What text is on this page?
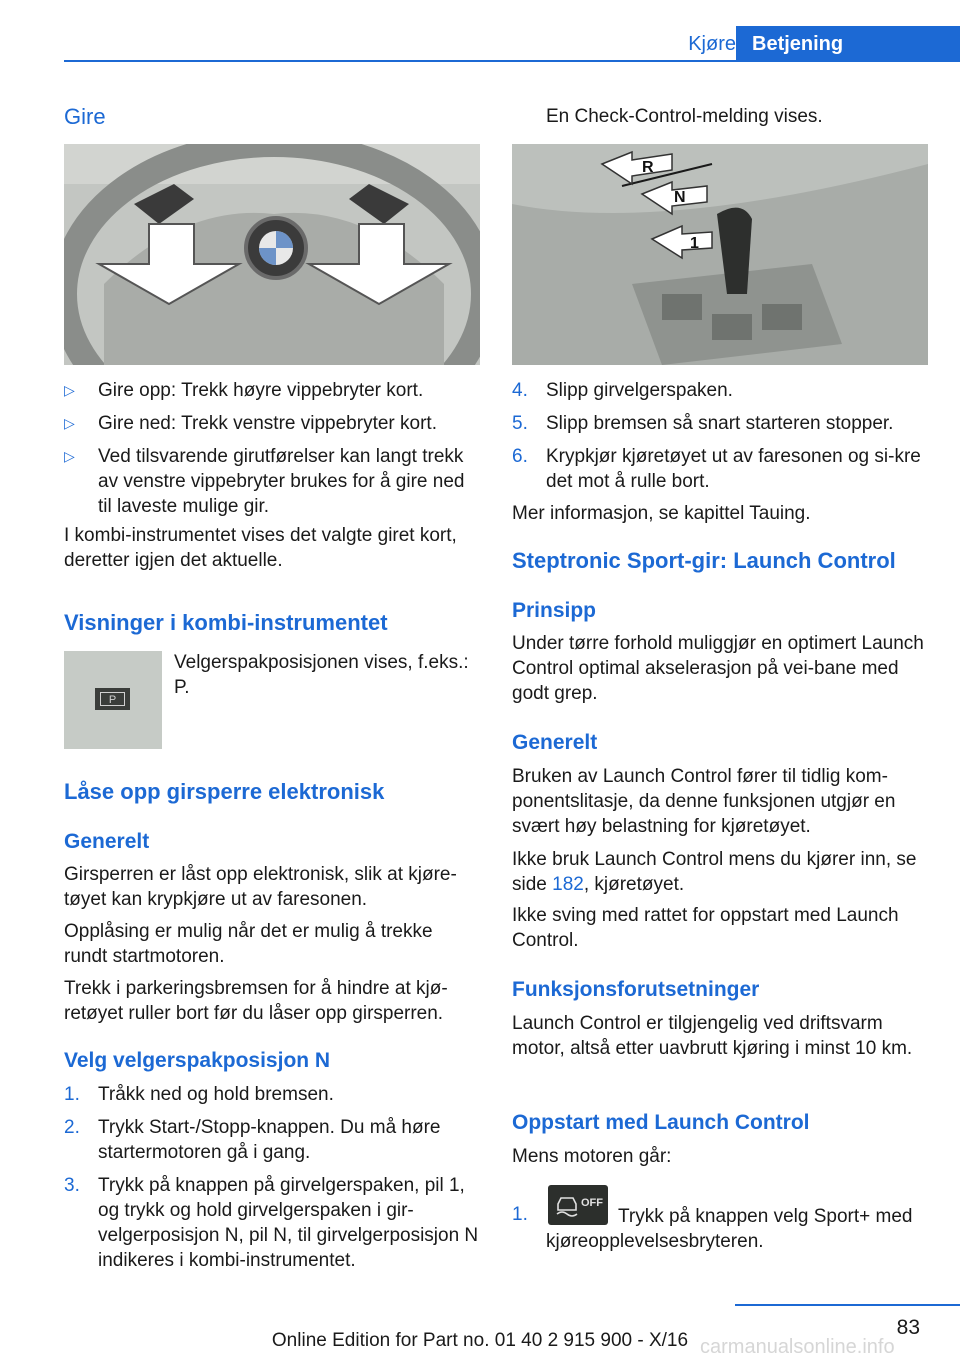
Kjøre Betjening
Gire
▷ Gire opp: Trekk høyre vippebryter kort.
▷ Gire ned: Trekk venstre vippebryter kort.
▷ Ved tilsvarende girutførelser kan langt trekk av venstre vippebryter brukes for å gire ned til laveste mulige gir.
I kombi-instrumentet vises det valgte giret kort, deretter igjen det aktuelle.
Visninger i kombi-instrumentet
P
Velgerspakposisjonen vises, f.eks.: P.
Låse opp girsperre elektronisk
Generelt
Girsperren er låst opp elektronisk, slik at kjøre-tøyet kan krypkjøre ut av faresonen.
Opplåsing er mulig når det er mulig å trekke rundt startmotoren.
Trekk i parkeringsbremsen for å hindre at kjø-retøyet ruller bort før du låser opp girsperren.
Velg velgerspakposisjon N
1. Tråkk ned og hold bremsen.
2. Trykk Start-/Stopp-knappen. Du må høre startermotoren gå i gang.
3. Trykk på knappen på girvelgerspaken, pil 1, og trykk og hold girvelgerspaken i gir-velgerposisjon N, pil N, til girvelgerposisjon N indikeres i kombi-instrumentet.
En Check-Control-melding vises.
R
N
1
4. Slipp girvelgerspaken.
5. Slipp bremsen så snart starteren stopper.
6. Krypkjør kjøretøyet ut av faresonen og si-kre det mot å rulle bort.
Mer informasjon, se kapittel Tauing.
Steptronic Sport-gir: Launch Control
Prinsipp
Under tørre forhold muliggjør en optimert Launch Control optimal akselerasjon på vei-bane med godt grep.
Generelt
Bruken av Launch Control fører til tidlig kom-ponentslitasje, da denne funksjonen utgjør en svært høy belastning for kjøretøyet.
Ikke bruk Launch Control mens du kjører inn, se side 182, kjøretøyet.
Ikke sving med rattet for oppstart med Launch Control.
Funksjonsforutsetninger
Launch Control er tilgjengelig ved driftsvarm motor, altså etter uavbrutt kjøring i minst 10 km.
Oppstart med Launch Control
Mens motoren går:
1.
OFF
Trykk på knappen velg Sport+ med kjøreopplevelsesbryteren.
83
Online Edition for Part no. 01 40 2 915 900 - X/16 carmanualsonline.info
